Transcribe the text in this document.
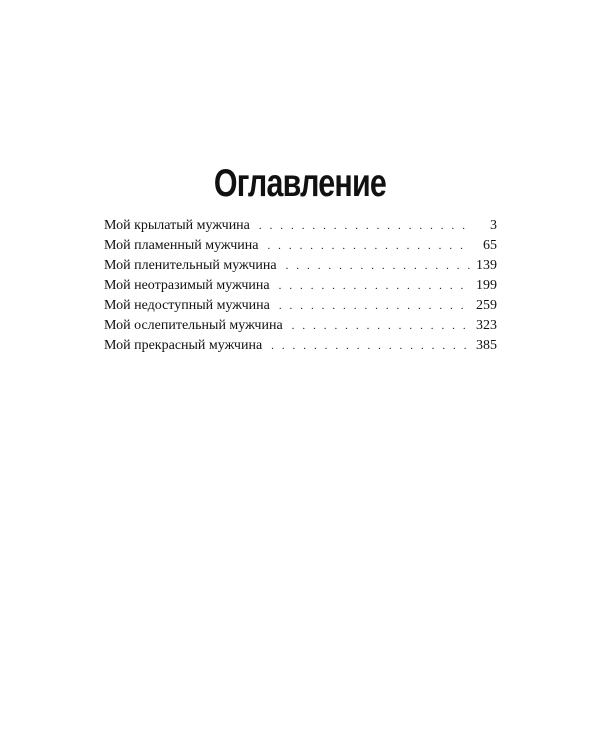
Оглавление
Мой крылатый мужчина . . .	3
Мой пламенный мужчина . . .	65
Мой пленительный мужчина . . .	139
Мой неотразимый мужчина . . .	199
Мой недоступный мужчина . . .	259
Мой ослепительный мужчина . . .	323
Мой прекрасный мужчина . . .	385
